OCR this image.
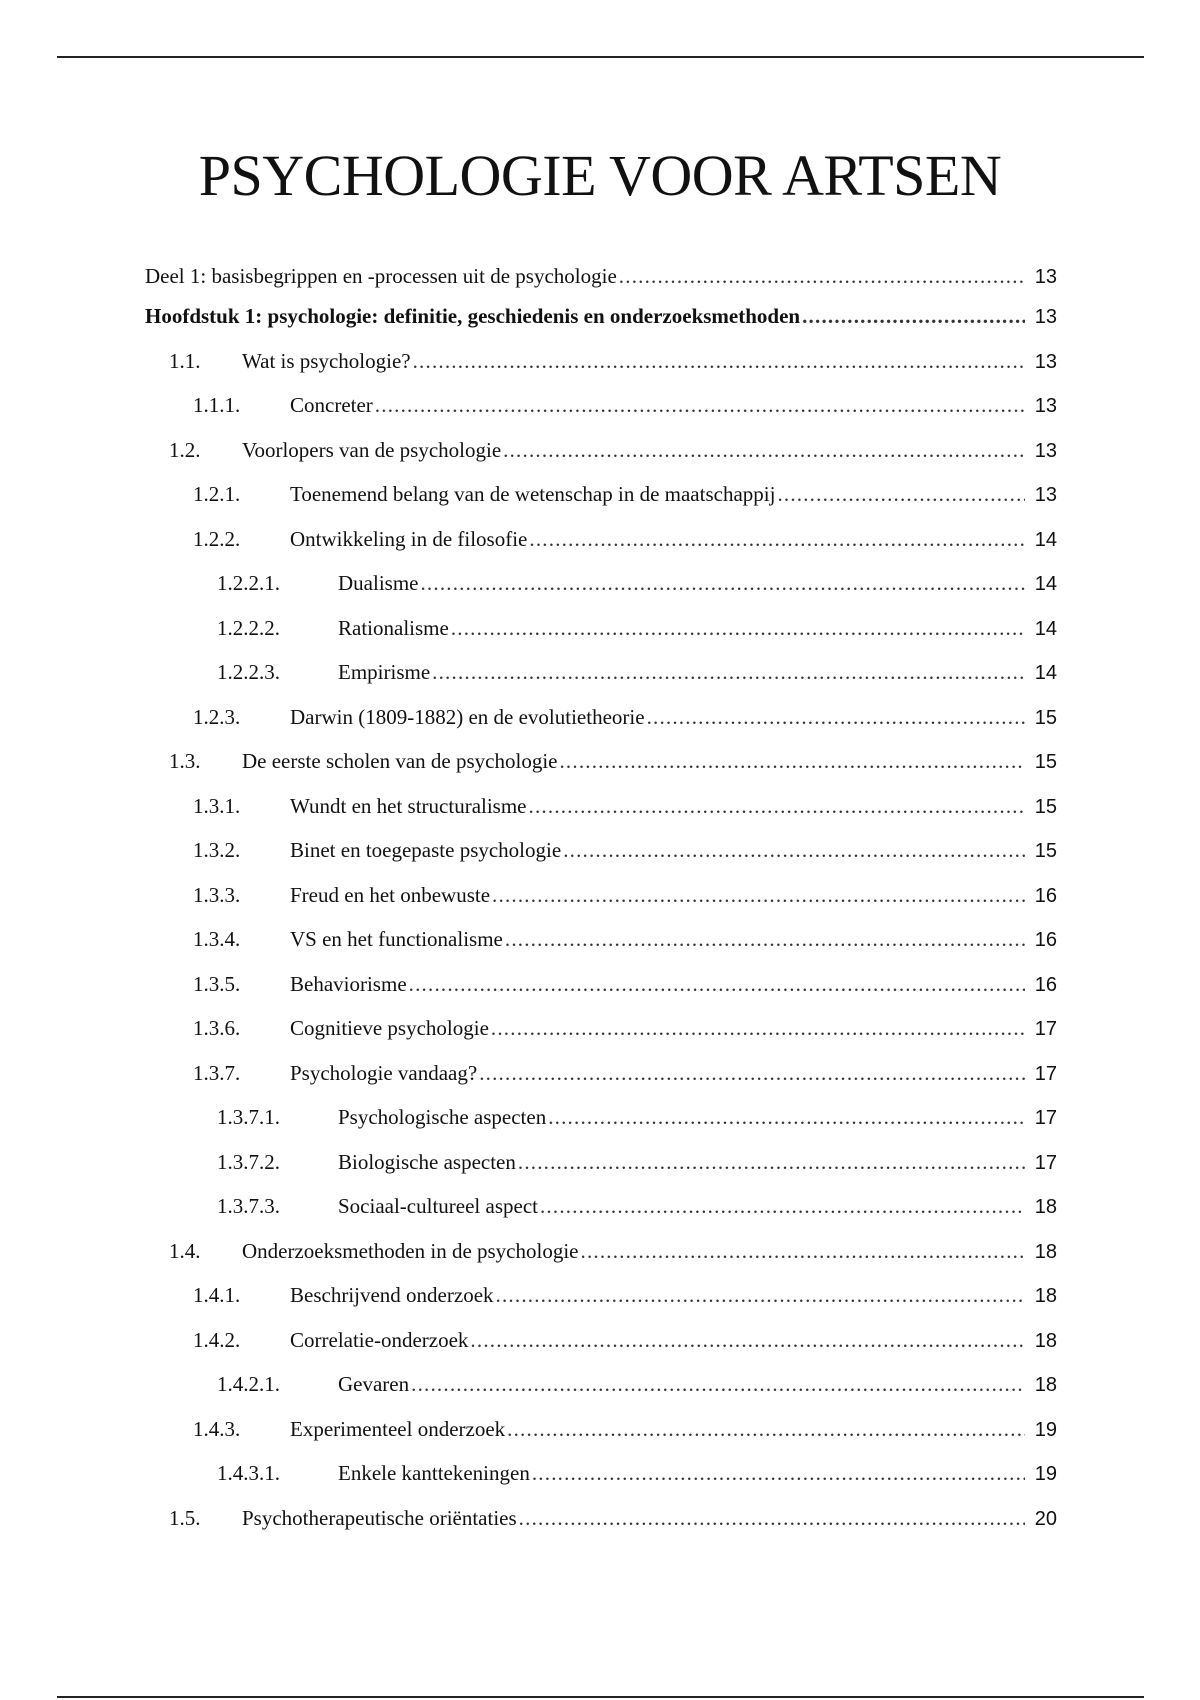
PSYCHOLOGIE VOOR ARTSEN
Deel 1: basisbegrippen en -processen uit de psychologie .....	13
Hoofdstuk 1: psychologie: definitie, geschiedenis en onderzoeksmethoden .....	13
1.1.	Wat is psychologie? .....	13
1.1.1.	Concreter .....	13
1.2.	Voorlopers van de psychologie .....	13
1.2.1.	Toenemend belang van de wetenschap in de maatschappij .....	13
1.2.2.	Ontwikkeling in de filosofie .....	14
1.2.2.1.	Dualisme .....	14
1.2.2.2.	Rationalisme .....	14
1.2.2.3.	Empirisme .....	14
1.2.3.	Darwin (1809-1882) en de evolutietheorie .....	15
1.3.	De eerste scholen van de psychologie .....	15
1.3.1.	Wundt en het structuralisme .....	15
1.3.2.	Binet en toegepaste psychologie .....	15
1.3.3.	Freud en het onbewuste .....	16
1.3.4.	VS en het functionalisme .....	16
1.3.5.	Behaviorisme .....	16
1.3.6.	Cognitieve psychologie .....	17
1.3.7.	Psychologie vandaag? .....	17
1.3.7.1.	Psychologische aspecten .....	17
1.3.7.2.	Biologische aspecten .....	17
1.3.7.3.	Sociaal-cultureel aspect .....	18
1.4.	Onderzoeksmethoden in de psychologie .....	18
1.4.1.	Beschrijvend onderzoek .....	18
1.4.2.	Correlatie-onderzoek .....	18
1.4.2.1.	Gevaren .....	18
1.4.3.	Experimenteel onderzoek .....	19
1.4.3.1.	Enkele kanttekeningen .....	19
1.5.	Psychotherapeutische oriëntaties .....	20
